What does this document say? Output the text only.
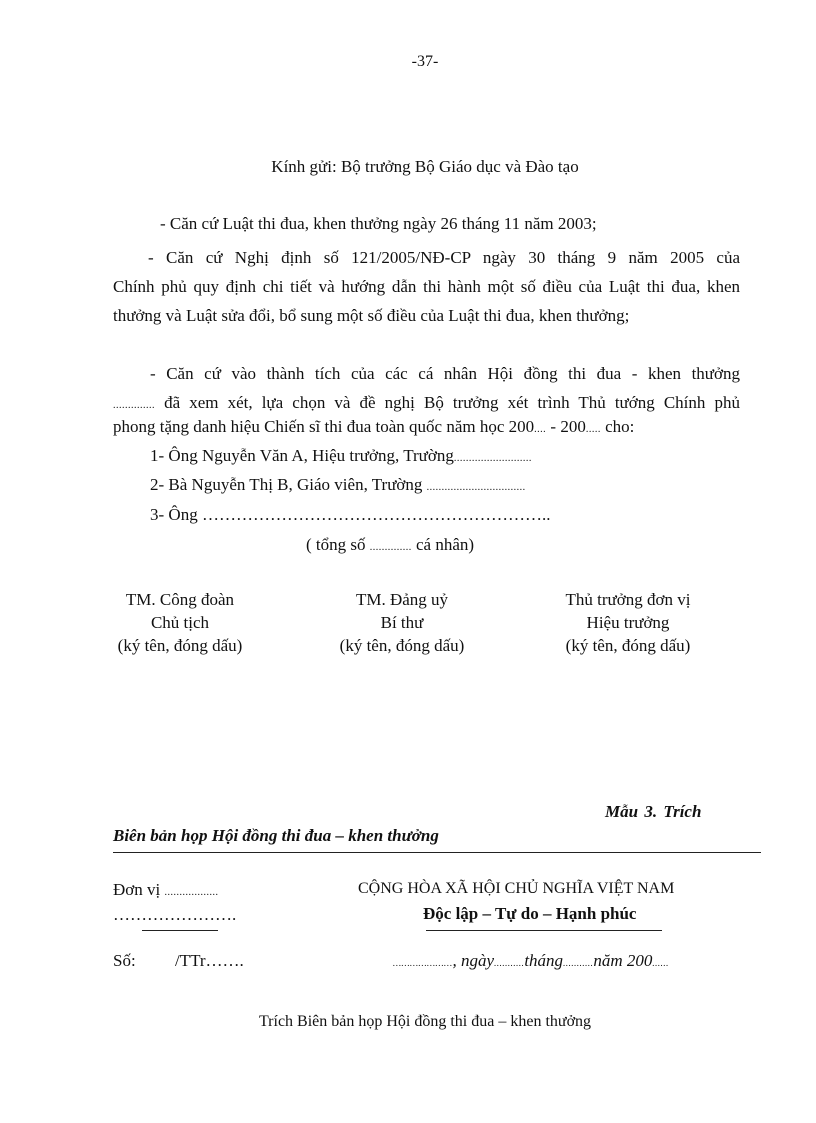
-37-
Kính gửi: Bộ trưởng Bộ Giáo dục và Đào tạo
- Căn cứ Luật thi đua, khen thưởng ngày 26 tháng 11 năm 2003;
- Căn cứ Nghị định số 121/2005/NĐ-CP ngày 30 tháng 9 năm 2005 của
Chính phủ quy định chi tiết và hướng dẫn thi hành một số điều của Luật thi đua, khen thưởng và Luật sửa đổi, bổ sung một số điều của Luật thi đua, khen thưởng;
- Căn cứ vào thành tích của các cá nhân Hội đồng thi đua - khen thưởng
.............. đã xem xét, lựa chọn và đề nghị Bộ trưởng xét trình Thủ tướng Chính phủ
phong tặng danh hiệu Chiến sĩ thi đua toàn quốc năm học 200.... - 200..... cho:
1- Ông Nguyễn Văn A, Hiệu trưởng, Trường..........................
2- Bà Nguyễn Thị B, Giáo viên, Trường .................................
3- Ông ……………………………………………………..
( tổng số .............. cá nhân)
TM. Công đoàn
Chủ tịch
(ký tên, đóng dấu)
TM. Đảng uỷ
Bí thư
(ký tên, đóng dấu)
Thủ trưởng đơn vị
Hiệu trưởng
(ký tên, đóng dấu)
Mẫu 3. Trích
Biên bản họp Hội đồng thi đua – khen thưởng
Đơn vị ..................
………………….
CỘNG HÒA XÃ HỘI CHỦ NGHĨA VIỆT NAM
Độc lập – Tự do – Hạnh phúc
Số: /TTr…….	…………………, ngày...........tháng...........năm 200......
Trích Biên bản họp Hội đồng thi đua – khen thưởng
